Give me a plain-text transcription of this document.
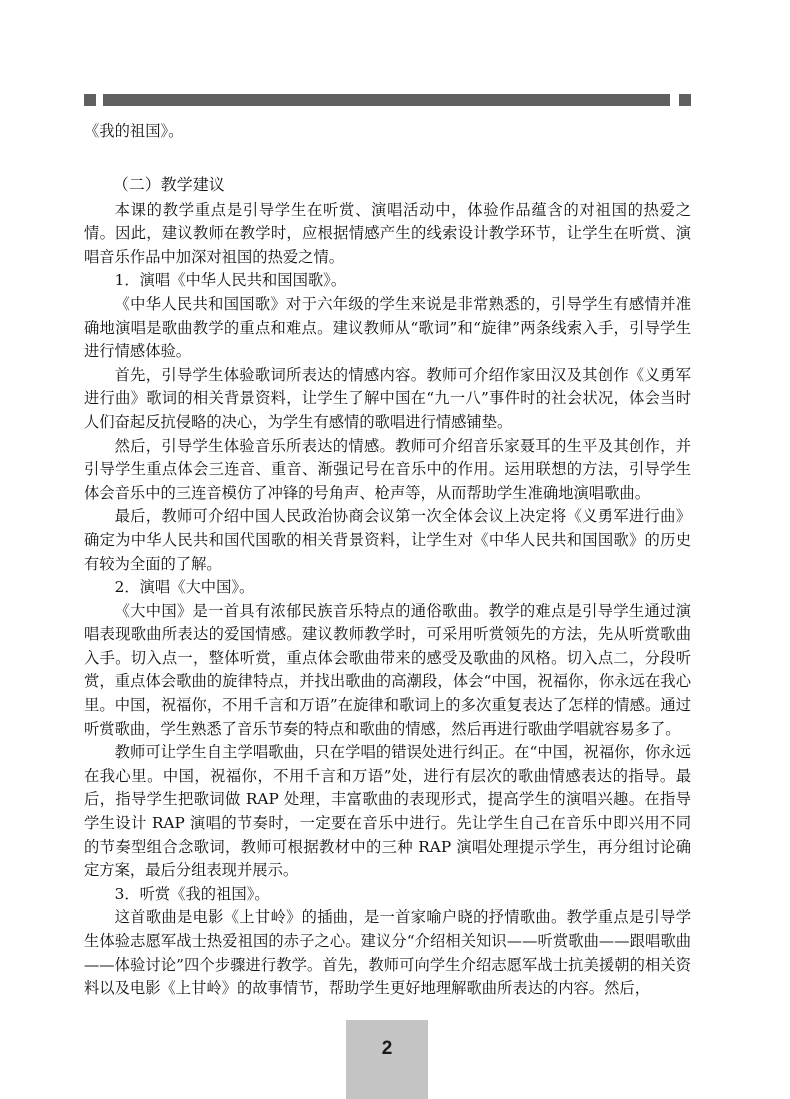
《我的祖国》。

（二）教学建议

本课的教学重点是引导学生在听赏、演唱活动中，体验作品蕴含的对祖国的热爱之情。因此，建议教师在教学时，应根据情感产生的线索设计教学环节，让学生在听赏、演唱音乐作品中加深对祖国的热爱之情。

1．演唱《中华人民共和国国歌》。

《中华人民共和国国歌》对于六年级的学生来说是非常熟悉的，引导学生有感情并准确地演唱是歌曲教学的重点和难点。建议教师从“歌词”和“旋律”两条线索入手，引导学生进行情感体验。

首先，引导学生体验歌词所表达的情感内容。教师可介绍作家田汉及其创作《义勇军进行曲》歌词的相关背景资料，让学生了解中国在“九一八”事件时的社会状况，体会当时人们奋起反抗侵略的决心，为学生有感情的歌唱进行情感铺垫。

然后，引导学生体验音乐所表达的情感。教师可介绍音乐家聂耳的生平及其创作，并引导学生重点体会三连音、重音、渐强记号在音乐中的作用。运用联想的方法，引导学生体会音乐中的三连音模仿了冲锋的号角声、枪声等，从而帮助学生准确地演唱歌曲。

最后，教师可介绍中国人民政治协商会议第一次全体会议上决定将《义勇军进行曲》确定为中华人民共和国代国歌的相关背景资料，让学生对《中华人民共和国国歌》的历史有较为全面的了解。

2．演唱《大中国》。

《大中国》是一首具有浓郁民族音乐特点的通俗歌曲。教学的难点是引导学生通过演唱表现歌曲所表达的爱国情感。建议教师教学时，可采用听赏领先的方法，先从听赏歌曲入手。切入点一，整体听赏，重点体会歌曲带来的感受及歌曲的风格。切入点二，分段听赏，重点体会歌曲的旋律特点，并找出歌曲的高潮段，体会“中国，祝福你，你永远在我心里。中国，祝福你，不用千言和万语”在旋律和歌词上的多次重复表达了怎样的情感。通过听赏歌曲，学生熟悉了音乐节奏的特点和歌曲的情感，然后再进行歌曲学唱就容易多了。

教师可让学生自主学唱歌曲，只在学唱的错误处进行纠正。在“中国，祝福你，你永远在我心里。中国，祝福你，不用千言和万语”处，进行有层次的歌曲情感表达的指导。最后，指导学生把歌词做 RAP 处理，丰富歌曲的表现形式，提高学生的演唱兴趣。在指导学生设计 RAP 演唱的节奏时，一定要在音乐中进行。先让学生自己在音乐中即兴用不同的节奏型组合念歌词，教师可根据教材中的三种 RAP 演唱处理提示学生，再分组讨论确定方案，最后分组表现并展示。

3．听赏《我的祖国》。

这首歌曲是电影《上甘岭》的插曲，是一首家喻户晓的抒情歌曲。教学重点是引导学生体验志愿军战士热爱祖国的赤子之心。建议分“介绍相关知识——听赏歌曲——跟唱歌曲——体验讨论”四个步骤进行教学。首先，教师可向学生介绍志愿军战士抗美援朝的相关资料以及电影《上甘岭》的故事情节，帮助学生更好地理解歌曲所表达的内容。然后，

2
